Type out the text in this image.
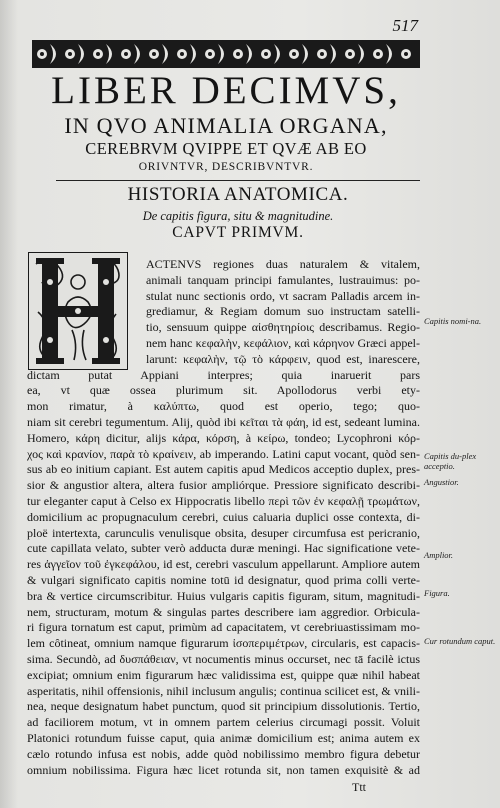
517
LIBER DECIMVS,
IN QVO ANIMALIA ORGANA,
CEREBRVM QVIPPE ET QVÆ AB EO
ORIVNTVR, DESCRIBVNTVR.
HISTORIA ANATOMICA.
De capitis figura, situ & magnitudine.
CAPVT PRIMVM.
ACTENVS regiones duas naturalem & vitalem,
animali tanquam principi famulantes, lustrauimus: po-
stulat nunc sectionis ordo, vt sacram Palladis arcem in-
grediamur, & Regiam domum suo instructam satelli-
tio, sensuum quippe αἰσθητηρίοις describamus. Regio-
nem hanc κεφαλὴν, κεφάλιον, καὶ κάρηνον Græci appel-
larunt: κεφαλὴν, τῷ τὸ κάρφειν, quod est, inarescere,
dictam putat Appiani interpres; quia inaruerit pars
ea, vt quæ ossea plurimum sit. Apollodorus verbi ety-
mon rimatur, à καλύπτω, quod est operio, tego; quo-
niam sit cerebri tegumentum. Alij, quòd ibi κεῖται τὰ φάη, id est, sedeant lumina.
Homero, κάρη dicitur, alijs κάρα, κόρση, à κείρω, tondeo; Lycophroni κόρ-
χος καὶ κρανίον, παρὰ τὸ κραίνειν, ab imperando. Latini caput vocant, quòd sen-
sus ab eo initium capiant. Est autem capitis apud Medicos acceptio duplex, pres-
sior & angustior altera, altera fusior ampliórque. Pressiore significato describi-
tur eleganter caput à Celso ex Hippocratis libello περὶ τῶν ἐν κεφαλῇ τρωμάτων,
domicilium ac propugnaculum cerebri, cuius caluaria duplici osse contexta, di-
ploë intertexta, carunculis venulisque obsita, desuper circumfusa est pericranio,
cute capillata velato, subter verò adducta duræ meningi. Hac significatione vete-
res ἀγγεῖον τοῦ ἐγκεφάλου, id est, cerebri vasculum appellarunt. Ampliore autem
& vulgari significato capitis nomine totū id designatur, quod prima colli verte-
bra & vertice circumscribitur. Huius vulgaris capitis figuram, situm, magnitudi-
nem, structuram, motum & singulas partes describere iam aggredior. Orbicula-
ri figura tornatum est caput, primùm ad capacitatem, vt cerebriuastissimam mo-
lem côtineat, omnium namque figurarum ἰσοπεριμέτρων, circularis, est capacis-
sima. Secundò, ad δυσπάθειαν, vt nocumentis minus occurset, nec tā facilè ictus
excipiat; omnium enim figurarum hæc validissima est, quippe quæ nihil habeat
asperitatis, nihil offensionis, nihil inclusum angulis; continua scilicet est, & vnili-
nea, neque designatum habet punctum, quod sit principium dissolutionis. Tertio,
ad faciliorem motum, vt in omnem partem celerius circumagi possit. Voluit
Platonici rotundum fuisse caput, quia animæ domicilium est; anima autem ex
cælo rotundo infusa est nobis, adde quòd nobilissimo membro figura debetur
omnium nobilissima. Figura hæc licet rotunda sit, non tamen exquisitè & ad
Capitis nomi-na.
Capitis du-plex acceptio.
Angustior.
Amplior.
Figura.
Cur rotundum caput.
Ttt
